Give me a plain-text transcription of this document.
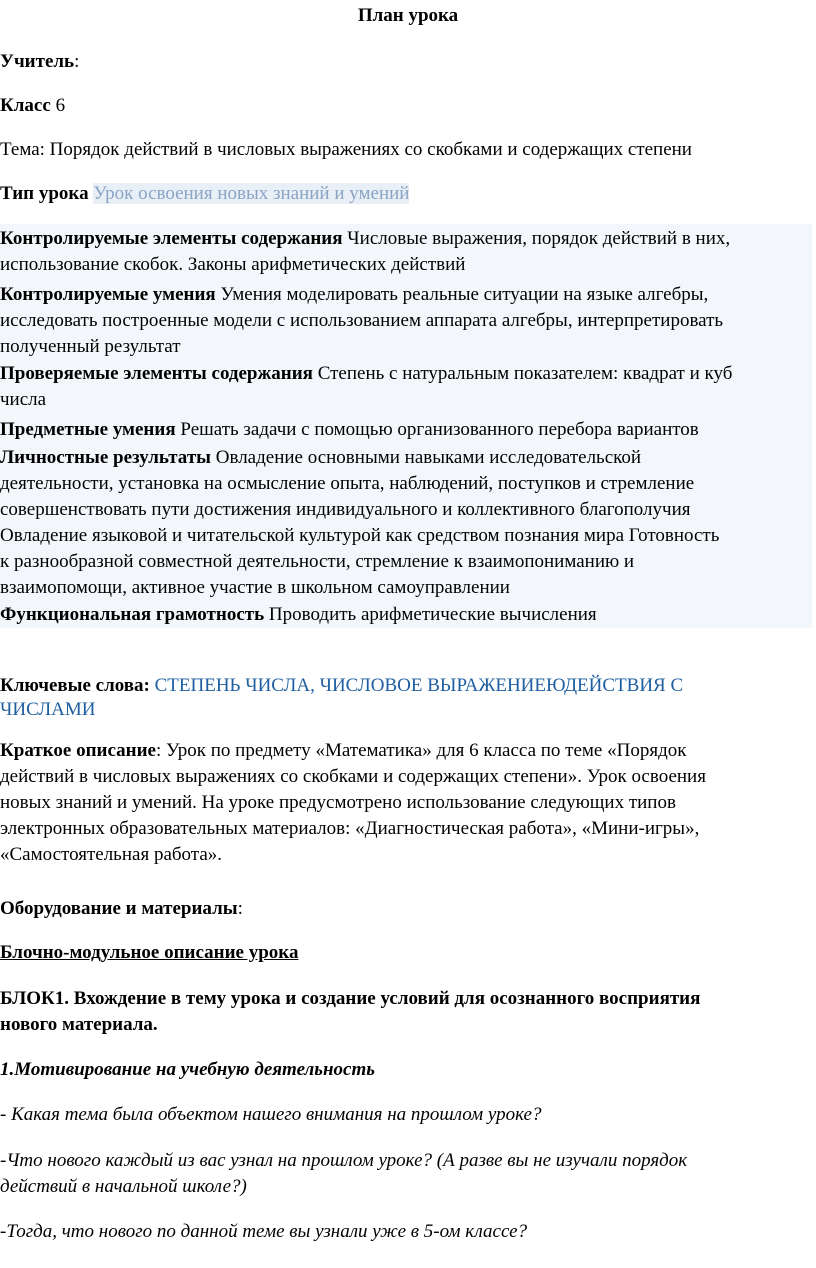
План урока
Учитель:
Класс 6
Тема: Порядок действий в числовых выражениях со скобками и содержащих степени
Тип урока Урок освоения новых знаний и умений
Контролируемые элементы содержания Числовые выражения, порядок действий в них,
использование скобок. Законы арифметических действий
Контролируемые умения Умения моделировать реальные ситуации на языке алгебры,
исследовать построенные модели с использованием аппарата алгебры, интерпретировать
полученный результат
Проверяемые элементы содержания Степень с натуральным показателем: квадрат и куб
числа
Предметные умения Решать задачи с помощью организованного перебора вариантов
Личностные результаты Овладение основными навыками исследовательской
деятельности, установка на осмысление опыта, наблюдений, поступков и стремление
совершенствовать пути достижения индивидуального и коллективного благополучия
Овладение языковой и читательской культурой как средством познания мира Готовность
к разнообразной совместной деятельности, стремление к взаимопониманию и
взаимопомощи, активное участие в школьном самоуправлении
Функциональная грамотность Проводить арифметические вычисления
Ключевые слова: СТЕПЕНЬ ЧИСЛА, ЧИСЛОВОЕ ВЫРАЖЕНИЕЮДЕЙСТВИЯ С
ЧИСЛАМИ
Краткое описание: Урок по предмету «Математика» для 6 класса по теме «Порядок
действий в числовых выражениях со скобками и содержащих степени». Урок освоения
новых знаний и умений. На уроке предусмотрено использование следующих типов
электронных образовательных материалов: «Диагностическая работа», «Мини-игры»,
«Самостоятельная работа».
Оборудование и материалы:
Блочно-модульное описание урока
БЛОК1. Вхождение в тему урока и создание условий для осознанного восприятия
нового материала.
1.Мотивирование на учебную деятельность
- Какая тема была объектом нашего внимания на прошлом уроке?
-Что нового каждый из вас узнал на прошлом уроке? (А разве вы не изучали порядок
действий в начальной школе?)
-Тогда, что нового по данной теме вы узнали уже в 5-ом классе?
